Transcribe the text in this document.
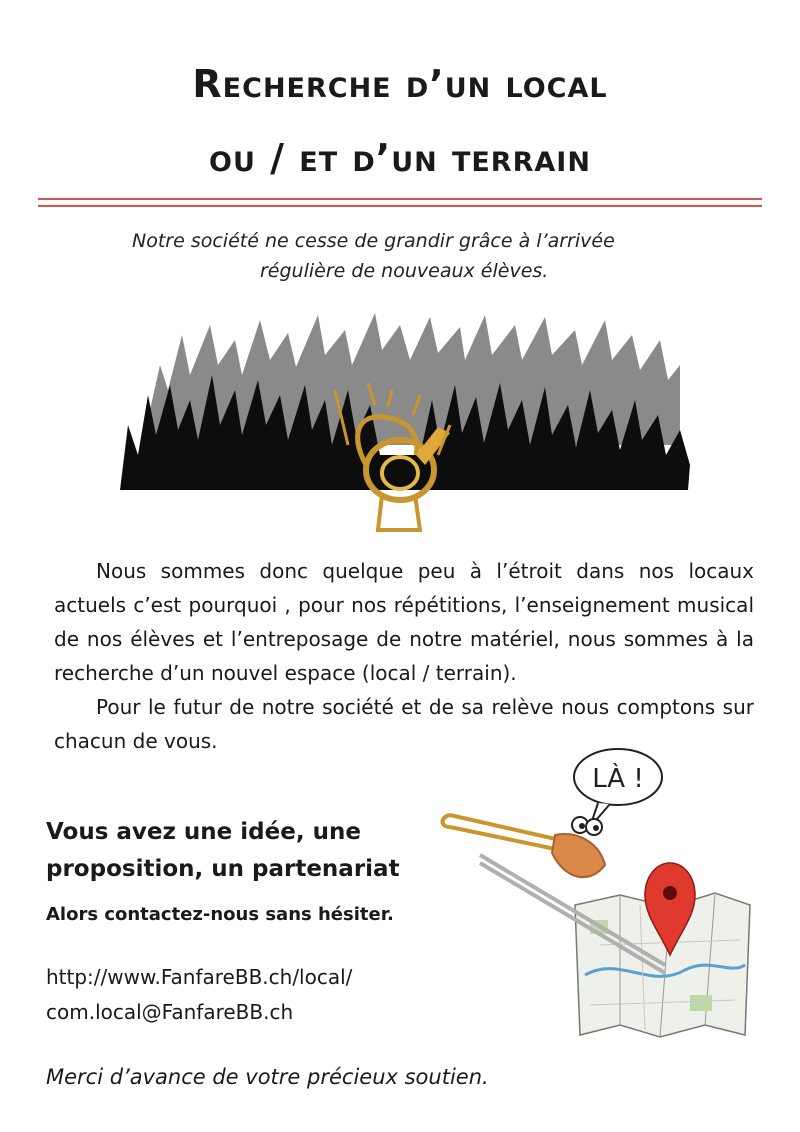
Recherche d’un local
ou / et d’un terrain

Notre société ne cesse de grandir grâce à l’arrivée

régulière de nouveaux élèves.

Nous sommes donc quelque peu à l’étroit dans nos locaux actuels c’est pourquoi , pour nos répétitions, l’enseignement musical de nos élèves et l’entreposage de notre matériel, nous sommes à la recherche d’un nouvel espace (local / terrain).

Pour le futur de notre société et de sa relève nous comptons sur chacun de vous.

Vous avez une idée, une proposition, un partenariat

Alors contactez-nous sans hésiter.

http://www.FanfareBB.ch/local/
com.local@FanfareBB.ch

Merci d’avance de votre précieux soutien.

LÀ !
